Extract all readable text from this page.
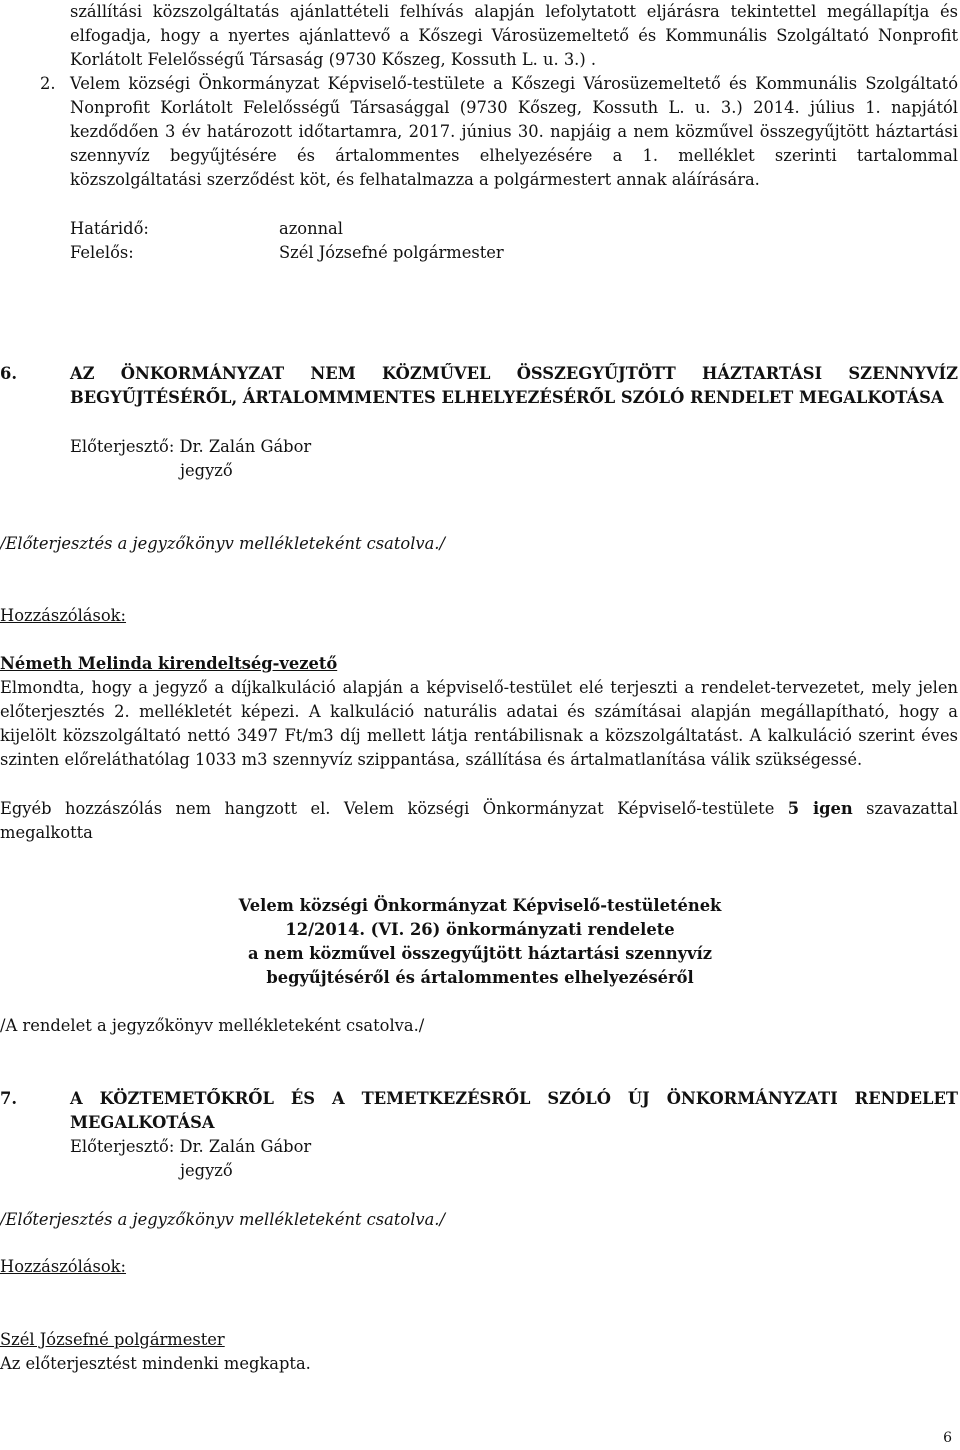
szállítási közszolgáltatás ajánlattételi felhívás alapján lefolytatott eljárásra tekintettel megállapítja és elfogadja, hogy a nyertes ajánlattevő a Kőszegi Városüzemeltető és Kommunális Szolgáltató Nonprofit Korlátolt Felelősségű Társaság (9730 Kőszeg, Kossuth L. u. 3.) .
2. Velem községi Önkormányzat Képviselő-testülete a Kőszegi Városüzemeltető és Kommunális Szolgáltató Nonprofit Korlátolt Felelősségű Társasággal (9730 Kőszeg, Kossuth L. u. 3.) 2014. július 1. napjától kezdődően 3 év határozott időtartamra, 2017. június 30. napjáig a nem közművel összegyűjtött háztartási szennyvíz begyűjtésére és ártalommentes elhelyezésére a 1. melléklet szerinti tartalommal közszolgáltatási szerződést köt, és felhatalmazza a polgármestert annak aláírására.
Határidő:	azonnal
Felelős:	Szél Józsefné polgármester
6.	AZ ÖNKORMÁNYZAT NEM KÖZMŰVEL ÖSSZEGYŰJTÖTT HÁZTARTÁSI SZENNYVÍZ BEGYŰJTÉSÉRŐL, ÁRTALOMMMENTES ELHELYEZÉSÉRŐL SZÓLÓ RENDELET MEGALKOTÁSA
Előterjesztő: Dr. Zalán Gábor
jegyző
/Előterjesztés a jegyzőkönyv mellékleteként csatolva./
Hozzászólások:
Németh Melinda kirendeltség-vezető
Elmondta, hogy a jegyző a díjkalkuláció alapján a képviselő-testület elé terjeszti a rendelet-tervezetet, mely jelen előterjesztés 2. mellékletét képezi. A kalkuláció naturális adatai és számításai alapján megállapítható, hogy a kijelölt közszolgáltató nettó 3497 Ft/m3 díj mellett látja rentábilisnak a közszolgáltatást. A kalkuláció szerint éves szinten előreláthatólag 1033 m3 szennyvíz szippantása, szállítása és ártalmatlanítása válik szükségessé.
Egyéb hozzászólás nem hangzott el. Velem községi Önkormányzat Képviselő-testülete 5 igen szavazattal megalkotta
Velem községi Önkormányzat Képviselő-testületének
12/2014. (VI. 26) önkormányzati rendelete
a nem közművel összegyűjtött háztartási szennyvíz
begyűjtéséről és ártalommentes elhelyezéséről
/A rendelet a jegyzőkönyv mellékleteként csatolva./
7.	A KÖZTEMETŐKRŐL ÉS A TEMETKEZÉSRŐL SZÓLÓ ÚJ ÖNKORMÁNYZATI RENDELET MEGALKOTÁSA
Előterjesztő: Dr. Zalán Gábor
jegyző
/Előterjesztés a jegyzőkönyv mellékleteként csatolva./
Hozzászólások:
Szél Józsefné polgármester
Az előterjesztést mindenki megkapta.
6
